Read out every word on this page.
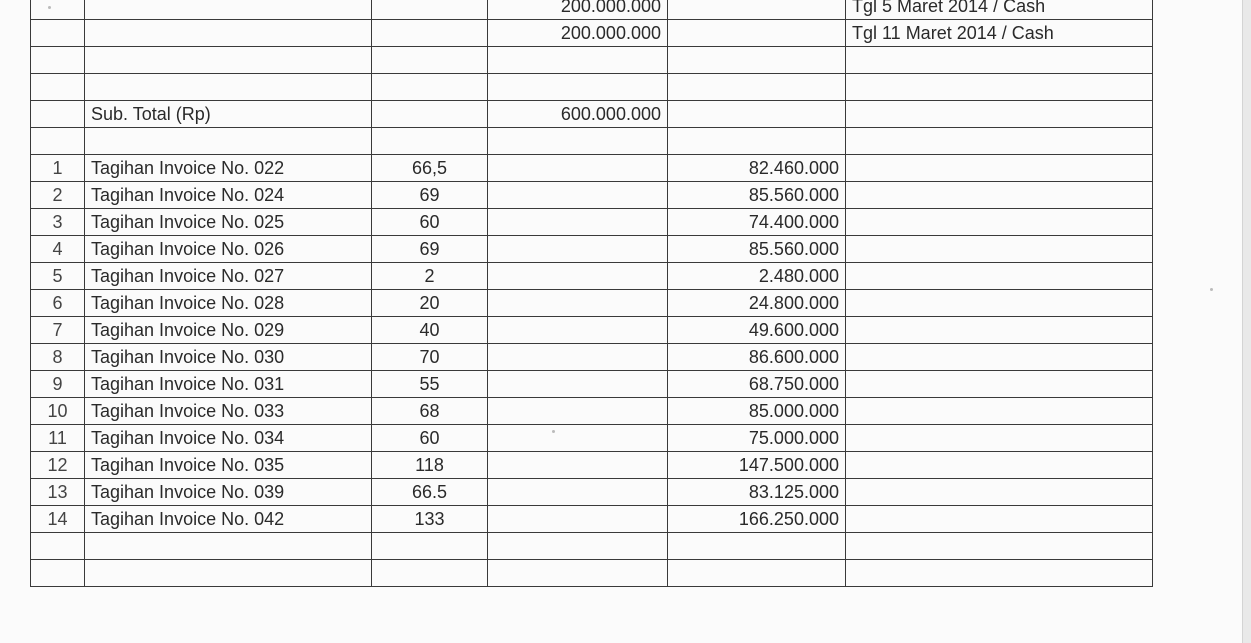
			200.000.000		Tgl 5 Maret 2014 / Cash
			200.000.000		Tgl 11 Maret 2014 / Cash

	Sub. Total (Rp)		600.000.000		

1	Tagihan Invoice No. 022	66,5		82.460.000	
2	Tagihan Invoice No. 024	69		85.560.000	
3	Tagihan Invoice No. 025	60		74.400.000	
4	Tagihan Invoice No. 026	69		85.560.000	
5	Tagihan Invoice No. 027	2		2.480.000	
6	Tagihan Invoice No. 028	20		24.800.000	
7	Tagihan Invoice No. 029	40		49.600.000	
8	Tagihan Invoice No. 030	70		86.600.000	
9	Tagihan Invoice No. 031	55		68.750.000	
10	Tagihan Invoice No. 033	68		85.000.000	
11	Tagihan Invoice No. 034	60		75.000.000	
12	Tagihan Invoice No. 035	118		147.500.000	
13	Tagihan Invoice No. 039	66.5		83.125.000	
14	Tagihan Invoice No. 042	133		166.250.000	
